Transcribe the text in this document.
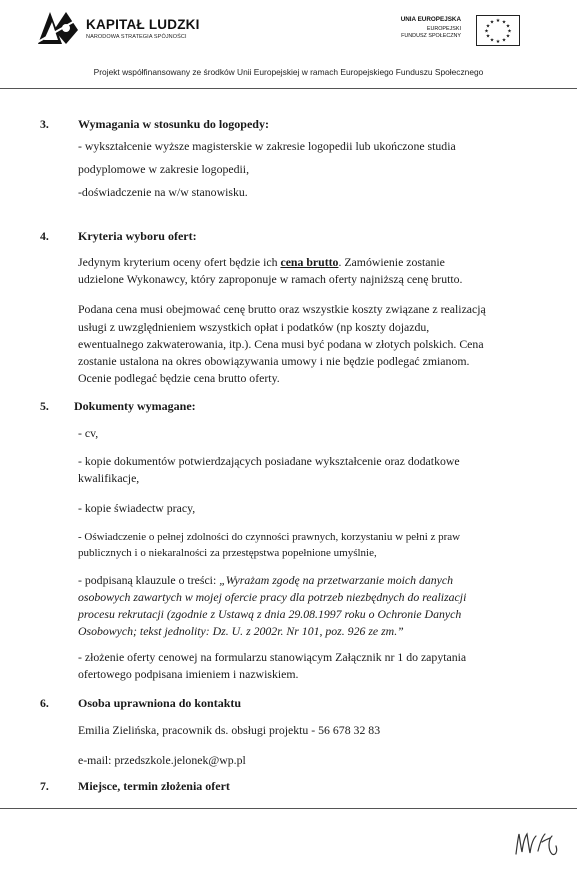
KAPITAŁ LUDZKI
NARODOWA STRATEGIA SPÓJNOŚCI
UNIA EUROPEJSKA
EUROPEJSKI
FUNDUSZ SPOŁECZNY
★ ★
★
★
★
★
★
★
★
★
★
★
Projekt współfinansowany ze środków Unii Europejskiej w ramach Europejskiego Funduszu Społecznego
3. Wymagania w stosunku do logopedy:
- wykształcenie wyższe magisterskie w zakresie logopedii lub ukończone studia
podyplomowe w zakresie logopedii,
-doświadczenie na w/w stanowisku.
4. Kryteria wyboru ofert:
Jedynym kryterium oceny ofert będzie ich cena brutto. Zamówienie zostanie
udzielone Wykonawcy, który zaproponuje w ramach oferty najniższą cenę brutto.
Podana cena musi obejmować cenę brutto oraz wszystkie koszty związane z realizacją
usługi z uwzględnieniem wszystkich opłat i podatków (np koszty dojazdu,
ewentualnego zakwaterowania, itp.). Cena musi być podana w złotych polskich. Cena
zostanie ustalona na okres obowiązywania umowy i nie będzie podlegać zmianom.
Ocenie podlegać będzie cena brutto oferty.
5. Dokumenty wymagane:
- cv,
- kopie dokumentów potwierdzających posiadane wykształcenie oraz dodatkowe
kwalifikacje,
- kopie świadectw pracy,
- Oświadczenie o pełnej zdolności do czynności prawnych, korzystaniu w pełni z praw
publicznych i o niekaralności za przestępstwa popełnione umyślnie,
- podpisaną klauzule o treści: „Wyrażam zgodę na przetwarzanie moich danych
osobowych zawartych w mojej ofercie pracy dla potrzeb niezbędnych do realizacji
procesu rekrutacji (zgodnie z Ustawą z dnia 29.08.1997 roku o Ochronie Danych
Osobowych; tekst jednolity: Dz. U. z 2002r. Nr 101, poz. 926 ze zm.”
- złożenie oferty cenowej na formularzu stanowiącym Załącznik nr 1 do zapytania
ofertowego podpisana imieniem i nazwiskiem.
6. Osoba uprawniona do kontaktu
Emilia Zielińska, pracownik ds. obsługi projektu - 56 678 32 83
e-mail: przedszkole.jelonek@wp.pl
7. Miejsce, termin złożenia ofert
